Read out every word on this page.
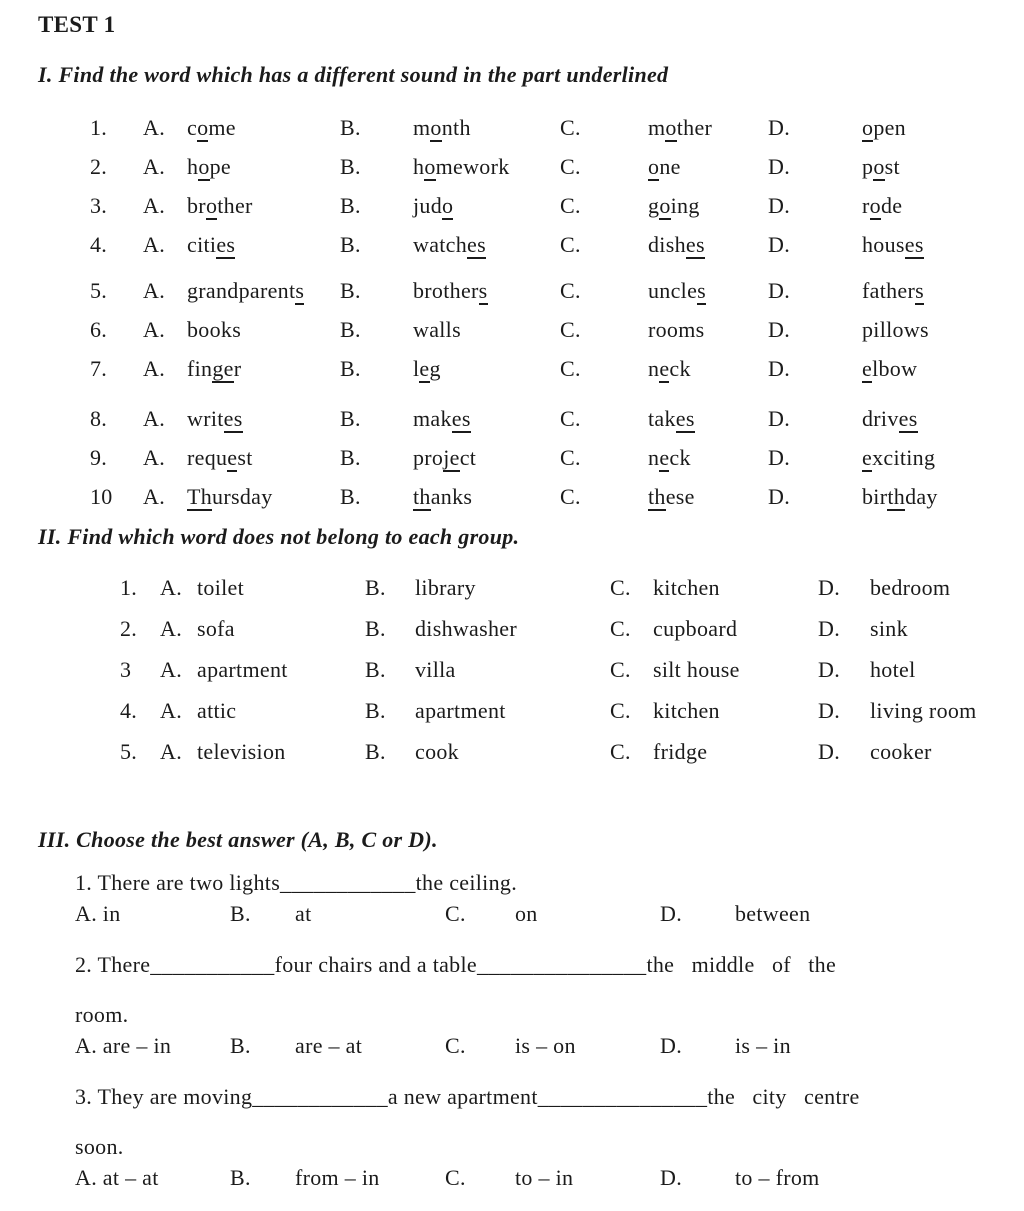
TEST 1
I. Find the word which has a different sound in the part underlined
1.	A.	come	B.	month	C.	mother	D.	open
2.	A.	hope	B.	homework	C.	one	D.	post
3.	A.	brother	B.	judo	C.	going	D.	rode
4.	A.	cities	B.	watches	C.	dishes	D.	houses
5.	A.	grandparents	B.	brothers	C.	uncles	D.	fathers
6.	A.	books	B.	walls	C.	rooms	D.	pillows
7.	A.	finger	B.	leg	C.	neck	D.	elbow
8.	A.	writes	B.	makes	C.	takes	D.	drives
9.	A.	request	B.	project	C.	neck	D.	exciting
10	A.	Thursday	B.	thanks	C.	these	D.	birthday
II. Find which word does not belong to each group.
1.	A. toilet	B.	library	C.	kitchen	D.	bedroom
2.	A. sofa	B.	dishwasher	C.	cupboard	D.	sink
3	A. apartment	B.	villa	C.	silt house	D.	hotel
4.	A. attic	B.	apartment	C.	kitchen	D.	living room
5.	A. television	B.	cook	C.	fridge	D.	cooker
III. Choose the best answer (A, B, C or D).
1. There are two lights____________the ceiling.
A. in	B.	at	C.	on	D.	between
2. There___________four chairs and a table_______________the   middle   of   the
room.
A. are – in	B.	are – at	C.	is – on	D.	is – in
3. They are moving____________a new apartment_______________the   city   centre
soon.
A. at – at	B.	from – in	C.	to – in	D.	to – from
